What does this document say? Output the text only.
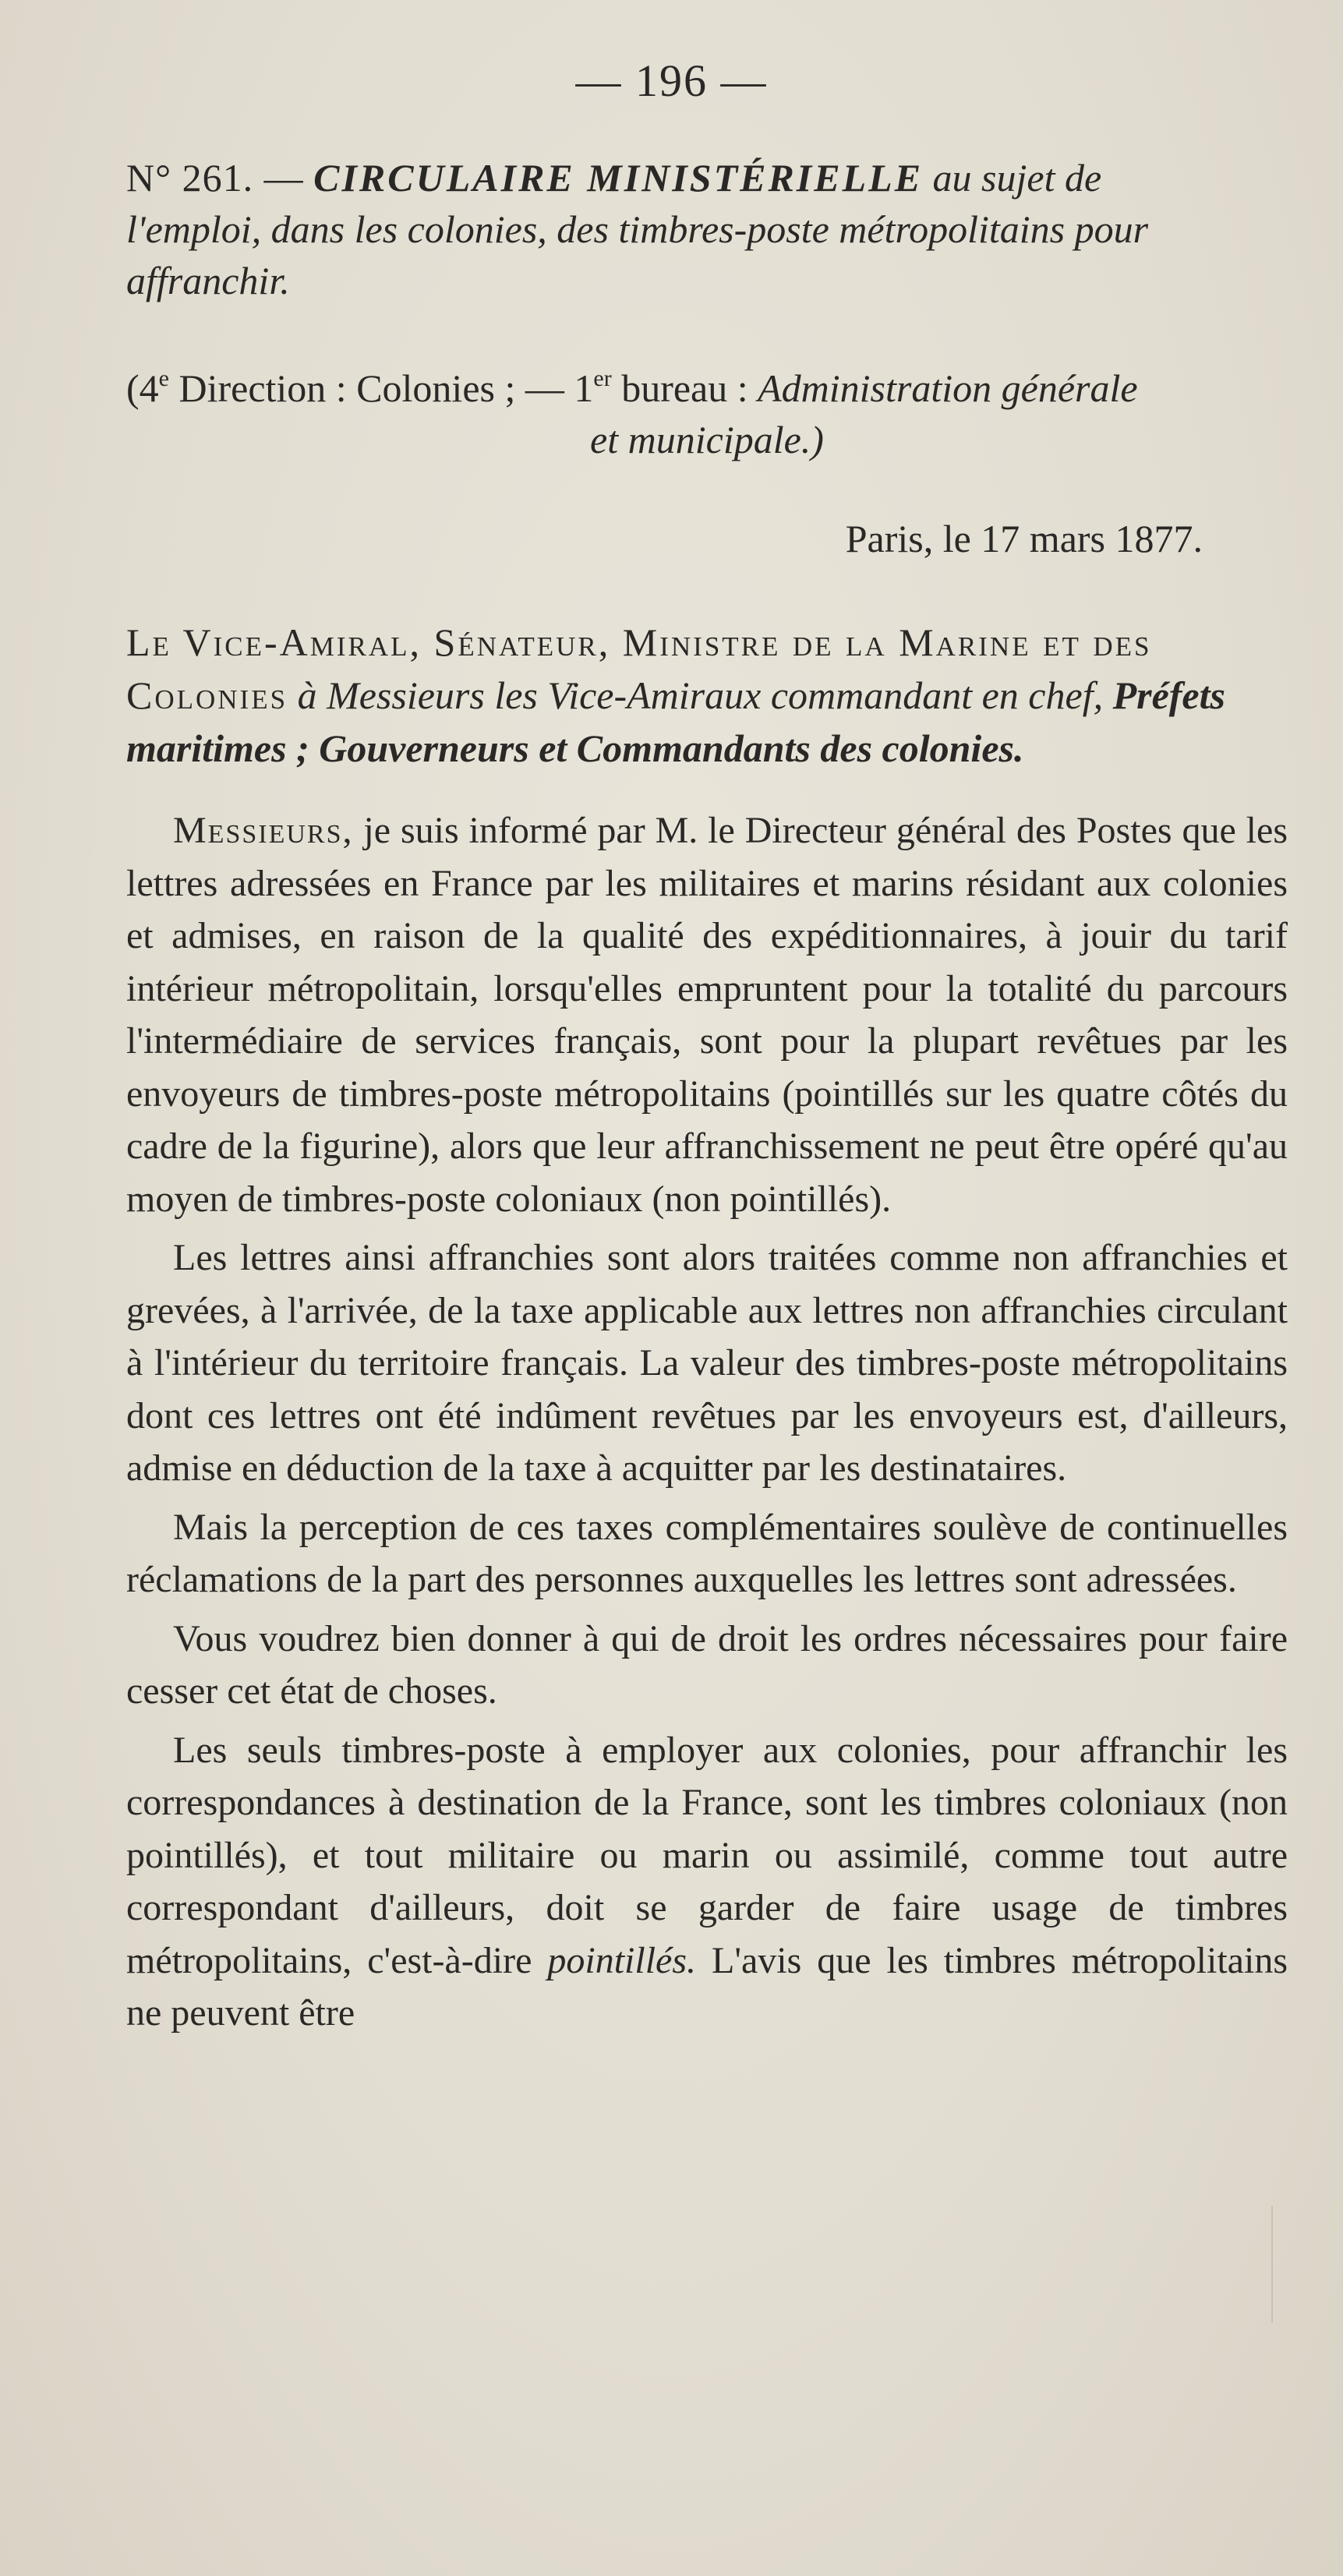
— 196 —
N° 261. — CIRCULAIRE MINISTÉRIELLE au sujet de
l'emploi, dans les colonies, des timbres-poste métropolitains pour affranchir.
(4e Direction : Colonies ; — 1er bureau : Administration générale
et municipale.)
Paris, le 17 mars 1877.
Le Vice-Amiral, Sénateur, Ministre de la Marine et des Colonies à Messieurs les Vice-Amiraux commandant en chef, Préfets maritimes ; Gouverneurs et Commandants des colonies.

Messieurs, je suis informé par M. le Directeur général des Postes que les lettres adressées en France par les militaires et marins résidant aux colonies et admises, en raison de la qualité des expéditionnaires, à jouir du tarif intérieur métropolitain, lorsqu'elles empruntent pour la totalité du parcours l'intermédiaire de services français, sont pour la plupart revêtues par les envoyeurs de timbres-poste métropolitains (pointillés sur les quatre côtés du cadre de la figurine), alors que leur affranchissement ne peut être opéré qu'au moyen de timbres-poste coloniaux (non pointillés).

Les lettres ainsi affranchies sont alors traitées comme non affranchies et grevées, à l'arrivée, de la taxe applicable aux lettres non affranchies circulant à l'intérieur du territoire français. La valeur des timbres-poste métropolitains dont ces lettres ont été indûment revêtues par les envoyeurs est, d'ailleurs, admise en déduction de la taxe à acquitter par les destinataires.

Mais la perception de ces taxes complémentaires soulève de continuelles réclamations de la part des personnes auxquelles les lettres sont adressées.

Vous voudrez bien donner à qui de droit les ordres nécessaires pour faire cesser cet état de choses.

Les seuls timbres-poste à employer aux colonies, pour affranchir les correspondances à destination de la France, sont les timbres coloniaux (non pointillés), et tout militaire ou marin ou assimilé, comme tout autre correspondant d'ailleurs, doit se garder de faire usage de timbres métropolitains, c'est-à-dire pointillés. L'avis que les timbres métropolitains ne peuvent être
